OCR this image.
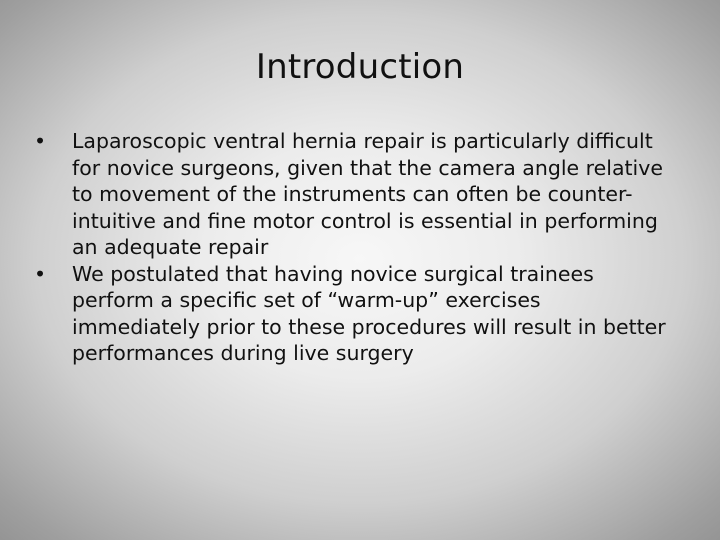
Introduction
• Laparoscopic ventral hernia repair is particularly difficult for novice surgeons, given that the camera angle relative to movement of the instruments can often be counter-intuitive and fine motor control is essential in performing an adequate repair
• We postulated that having novice surgical trainees perform a specific set of “warm-up” exercises immediately prior to these procedures will result in better performances during live surgery
